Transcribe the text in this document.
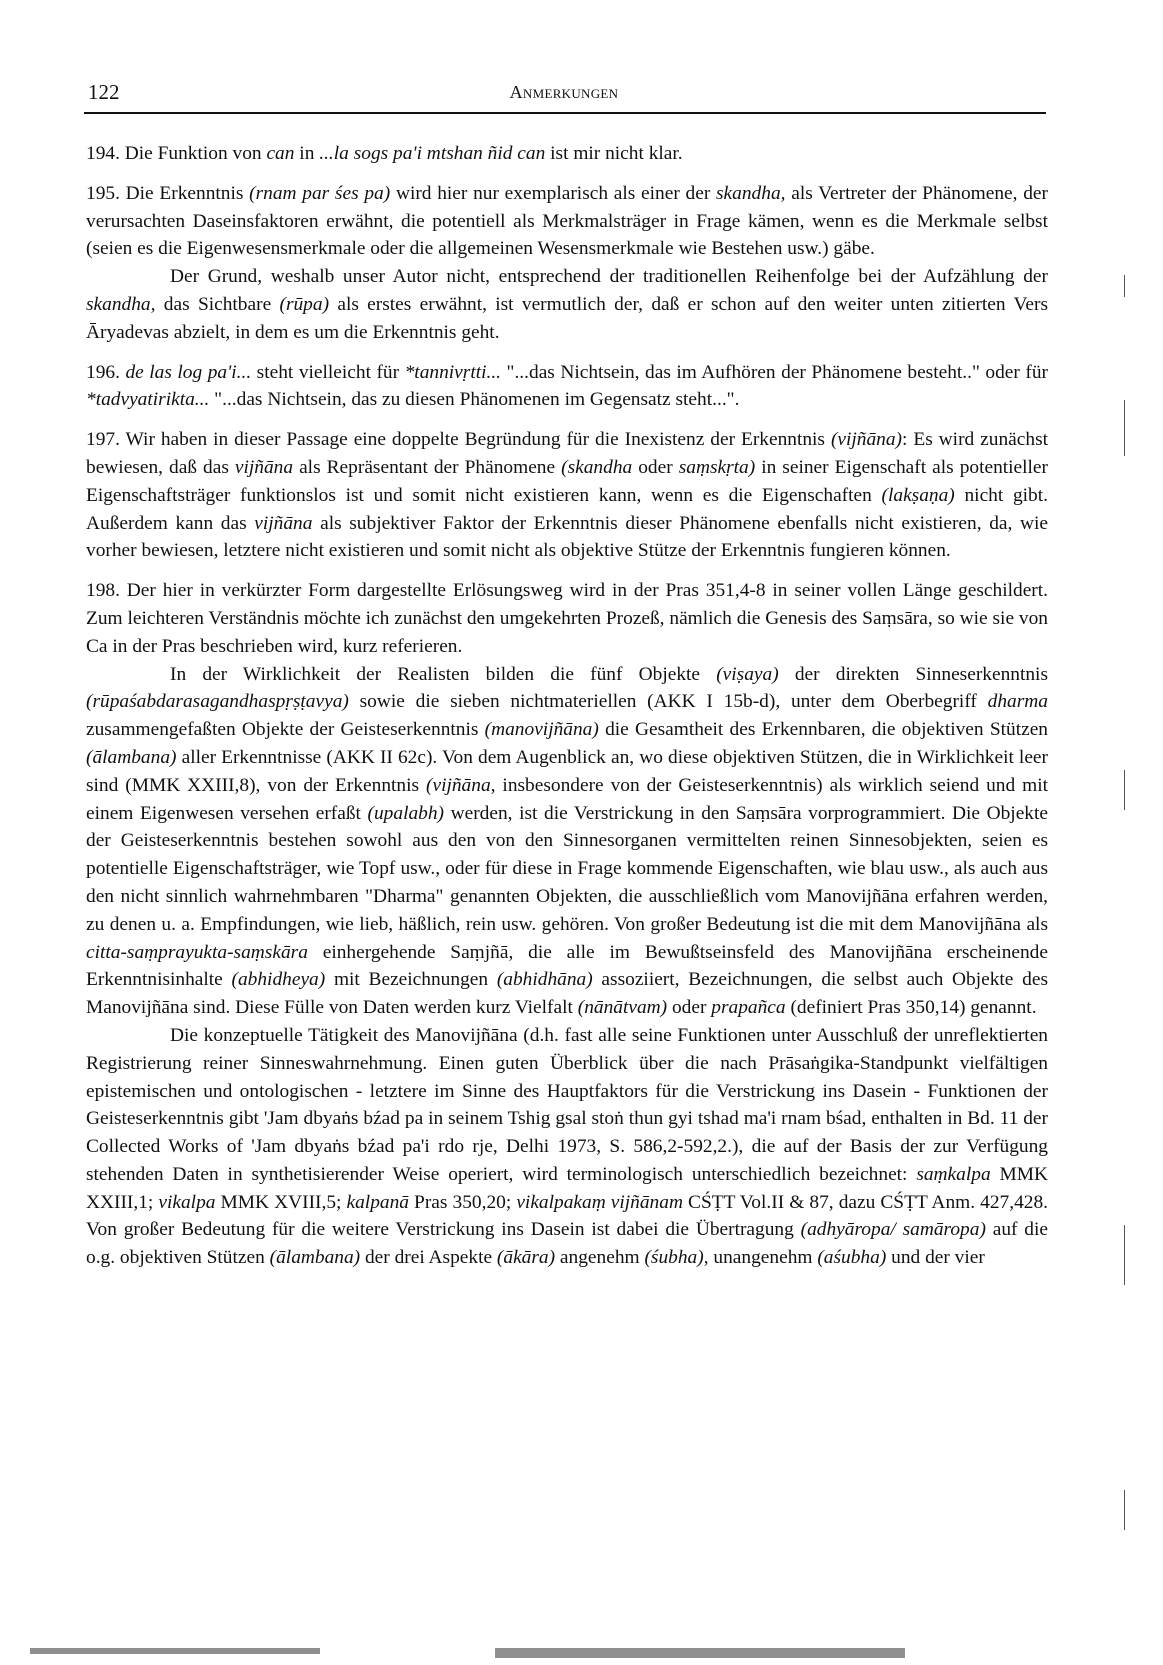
122	Anmerkungen

194. Die Funktion von can in ...la sogs pa'i mtshan ñid can ist mir nicht klar.

195. Die Erkenntnis (rnam par śes pa) wird hier nur exemplarisch als einer der skandha, als Vertreter der Phänomene, der verursachten Daseinsfaktoren erwähnt, die potentiell als Merkmalsträger in Frage kämen, wenn es die Merkmale selbst (seien es die Eigenwesensmerkmale oder die allgemeinen Wesensmerkmale wie Bestehen usw.) gäbe.

Der Grund, weshalb unser Autor nicht, entsprechend der traditionellen Reihenfolge bei der Aufzählung der skandha, das Sichtbare (rūpa) als erstes erwähnt, ist vermutlich der, daß er schon auf den weiter unten zitierten Vers Āryadevas abzielt, in dem es um die Erkenntnis geht.

196. de las log pa'i... steht vielleicht für *tannivṛtti... "...das Nichtsein, das im Aufhören der Phänomene besteht.." oder für *tadvyatirikta... "...das Nichtsein, das zu diesen Phänomenen im Gegensatz steht...".

197. Wir haben in dieser Passage eine doppelte Begründung für die Inexistenz der Erkenntnis (vijñāna): Es wird zunächst bewiesen, daß das vijñāna als Repräsentant der Phänomene (skandha oder saṃskṛta) in seiner Eigenschaft als potentieller Eigenschaftsträger funktionslos ist und somit nicht existieren kann, wenn es die Eigenschaften (lakṣaṇa) nicht gibt. Außerdem kann das vijñāna als subjektiver Faktor der Erkenntnis dieser Phänomene ebenfalls nicht existieren, da, wie vorher bewiesen, letztere nicht existieren und somit nicht als objektive Stütze der Erkenntnis fungieren können.

198. Der hier in verkürzter Form dargestellte Erlösungsweg wird in der Pras 351,4-8 in seiner vollen Länge geschildert. Zum leichteren Verständnis möchte ich zunächst den umgekehrten Prozeß, nämlich die Genesis des Saṃsāra, so wie sie von Ca in der Pras beschrieben wird, kurz referieren.

In der Wirklichkeit der Realisten bilden die fünf Objekte (viṣaya) der direkten Sinneserkenntnis (rūpaśabdarasagandhaspṛṣṭavya) sowie die sieben nichtmateriellen (AKK I 15b-d), unter dem Oberbegriff dharma zusammengefaßten Objekte der Geisteserkenntnis (manovijñāna) die Gesamtheit des Erkennbaren, die objektiven Stützen (ālambana) aller Erkenntnisse (AKK II 62c). Von dem Augenblick an, wo diese objektiven Stützen, die in Wirklichkeit leer sind (MMK XXIII,8), von der Erkenntnis (vijñāna, insbesondere von der Geisteserkenntnis) als wirklich seiend und mit einem Eigenwesen versehen erfaßt (upalabh) werden, ist die Verstrickung in den Saṃsāra vorprogrammiert. Die Objekte der Geisteserkenntnis bestehen sowohl aus den von den Sinnesorganen vermittelten reinen Sinnesobjekten, seien es potentielle Eigenschaftsträger, wie Topf usw., oder für diese in Frage kommende Eigenschaften, wie blau usw., als auch aus den nicht sinnlich wahrnehmbaren "Dharma" genannten Objekten, die ausschließlich vom Manovijñāna erfahren werden, zu denen u. a. Empfindungen, wie lieb, häßlich, rein usw. gehören. Von großer Bedeutung ist die mit dem Manovijñāna als citta-saṃprayukta-saṃskāra einhergehende Saṃjñā, die alle im Bewußtseinsfeld des Manovijñāna erscheinende Erkenntnisinhalte (abhidheya) mit Bezeichnungen (abhidhāna) assoziiert, Bezeichnungen, die selbst auch Objekte des Manovijñāna sind. Diese Fülle von Daten werden kurz Vielfalt (nānātvam) oder prapañca (definiert Pras 350,14) genannt.

Die konzeptuelle Tätigkeit des Manovijñāna (d.h. fast alle seine Funktionen unter Ausschluß der unreflektierten Registrierung reiner Sinneswahrnehmung. Einen guten Überblick über die nach Prāsaṅgika-Standpunkt vielfältigen epistemischen und ontologischen - letztere im Sinne des Hauptfaktors für die Verstrickung ins Dasein - Funktionen der Geisteserkenntnis gibt 'Jam dbyaṅs bźad pa in seinem Tshig gsal stoṅ thun gyi tshad ma'i rnam bśad, enthalten in Bd. 11 der Collected Works of 'Jam dbyaṅs bźad pa'i rdo rje, Delhi 1973, S. 586,2-592,2.), die auf der Basis der zur Verfügung stehenden Daten in synthetisierender Weise operiert, wird terminologisch unterschiedlich bezeichnet: saṃkalpa MMK XXIII,1; vikalpa MMK XVIII,5; kalpanā Pras 350,20; vikalpakaṃ vijñānam CŚṬT Vol.II & 87, dazu CŚṬT Anm. 427,428. Von großer Bedeutung für die weitere Verstrickung ins Dasein ist dabei die Übertragung (adhyāropa/ samāropa) auf die o.g. objektiven Stützen (ālambana) der drei Aspekte (ākāra) angenehm (śubha), unangenehm (aśubha) und der vier
